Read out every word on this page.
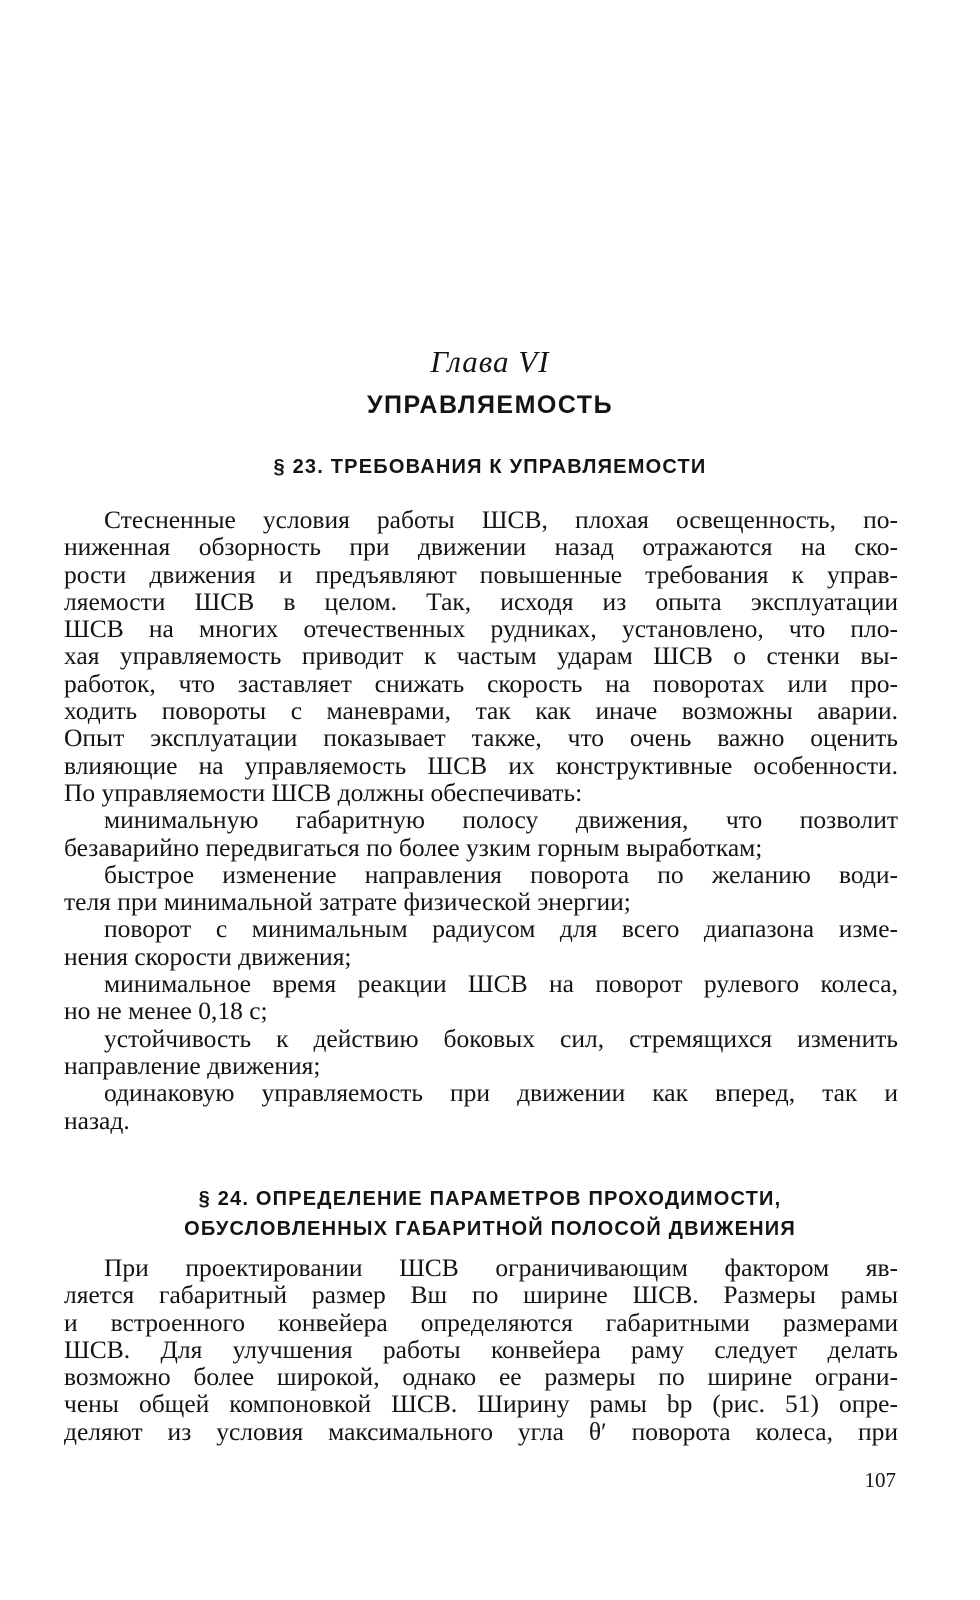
Глава VI
УПРАВЛЯЕМОСТЬ
§ 23. ТРЕБОВАНИЯ К УПРАВЛЯЕМОСТИ
Стесненные условия работы ШСВ, плохая освещенность, по-
ниженная обзорность при движении назад отражаются на ско-
рости движения и предъявляют повышенные требования к управ-
ляемости ШСВ в целом. Так, исходя из опыта эксплуатации
ШСВ на многих отечественных рудниках, установлено, что пло-
хая управляемость приводит к частым ударам ШСВ о стенки вы-
работок, что заставляет снижать скорость на поворотах или про-
ходить повороты с маневрами, так как иначе возможны аварии.
Опыт эксплуатации показывает также, что очень важно оценить
влияющие на управляемость ШСВ их конструктивные особенности.
По управляемости ШСВ должны обеспечивать:
минимальную габаритную полосу движения, что позволит
безаварийно передвигаться по более узким горным выработкам;
быстрое изменение направления поворота по желанию води-
теля при минимальной затрате физической энергии;
поворот с минимальным радиусом для всего диапазона изме-
нения скорости движения;
минимальное время реакции ШСВ на поворот рулевого колеса,
но не менее 0,18 с;
устойчивость к действию боковых сил, стремящихся изменить
направление движения;
одинаковую управляемость при движении как вперед, так и
назад.
§ 24. ОПРЕДЕЛЕНИЕ ПАРАМЕТРОВ ПРОХОДИМОСТИ,
ОБУСЛОВЛЕННЫХ ГАБАРИТНОЙ ПОЛОСОЙ ДВИЖЕНИЯ
При проектировании ШСВ ограничивающим фактором яв-
ляется габаритный размер Bш по ширине ШСВ. Размеры рамы
и встроенного конвейера определяются габаритными размерами
ШСВ. Для улучшения работы конвейера раму следует делать
возможно более широкой, однако ее размеры по ширине ограни-
чены общей компоновкой ШСВ. Ширину рамы bр (рис. 51) опре-
деляют из условия максимального угла θ′ поворота колеса, при
107
